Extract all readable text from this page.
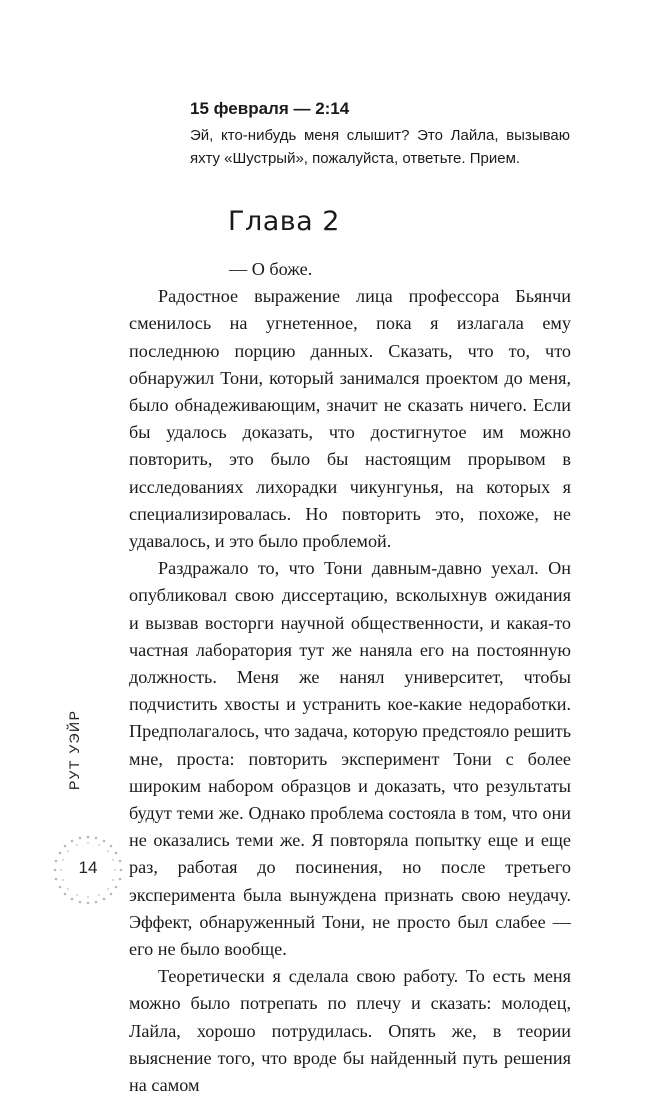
15 февраля — 2:14

Эй, кто-нибудь меня слышит? Это Лайла, вызываю яхту «Шустрый», пожалуйста, ответьте. Прием.

Глава 2

— О боже.

Радостное выражение лица профессора Бьянчи сменилось на угнетенное, пока я излагала ему последнюю порцию данных. Сказать, что то, что обнаружил Тони, который занимался проектом до меня, было обнадеживающим, значит не сказать ничего. Если бы удалось доказать, что достигнутое им можно повторить, это было бы настоящим прорывом в исследованиях лихорадки чикунгунья, на которых я специализировалась. Но повторить это, похоже, не удавалось, и это было проблемой.

Раздражало то, что Тони давным-давно уехал. Он опубликовал свою диссертацию, всколыхнув ожидания и вызвав восторги научной общественности, и какая-то частная лаборатория тут же наняла его на постоянную должность. Меня же нанял университет, чтобы подчистить хвосты и устранить кое-какие недоработки. Предполагалось, что задача, которую предстояло решить мне, проста: повторить эксперимент Тони с более широким набором образцов и доказать, что результаты будут теми же. Однако проблема состояла в том, что они не оказались теми же. Я повторяла попытку еще и еще раз, работая до посинения, но после третьего эксперимента была вынуждена признать свою неудачу. Эффект, обнаруженный Тони, не просто был слабее — его не было вообще.

Теоретически я сделала свою работу. То есть меня можно было потрепать по плечу и сказать: молодец, Лайла, хорошо потрудилась. Опять же, в теории выяснение того, что вроде бы найденный путь решения на самом

РУТ УЭЙР
14
